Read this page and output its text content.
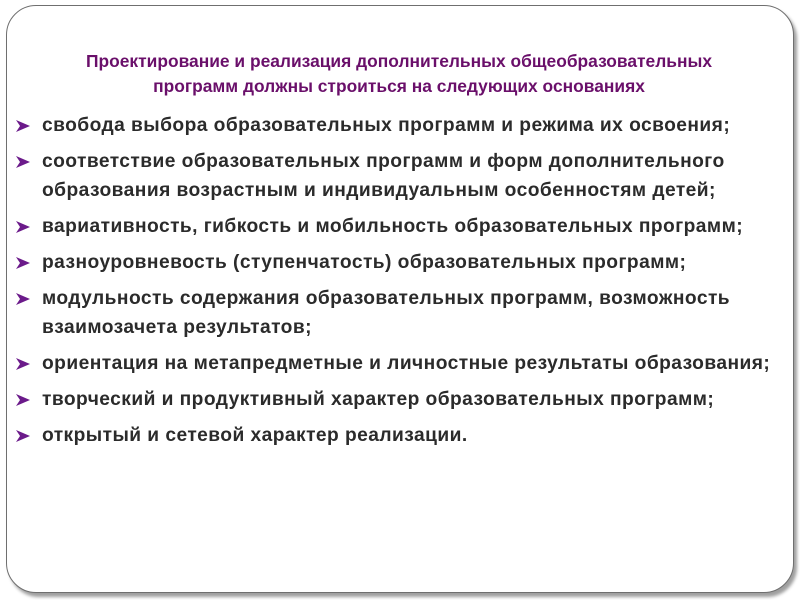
Проектирование и реализация дополнительных общеобразовательных
программ должны строиться на следующих основаниях
свобода выбора образовательных программ и режима их освоения;
соответствие образовательных программ и форм дополнительного образования возрастным и индивидуальным особенностям детей;
вариативность, гибкость и мобильность образовательных программ;
разноуровневость (ступенчатость) образовательных программ;
модульность содержания образовательных программ, возможность взаимозачета результатов;
ориентация на метапредметные и личностные результаты образования;
творческий и продуктивный характер образовательных программ;
открытый и сетевой характер реализации.
